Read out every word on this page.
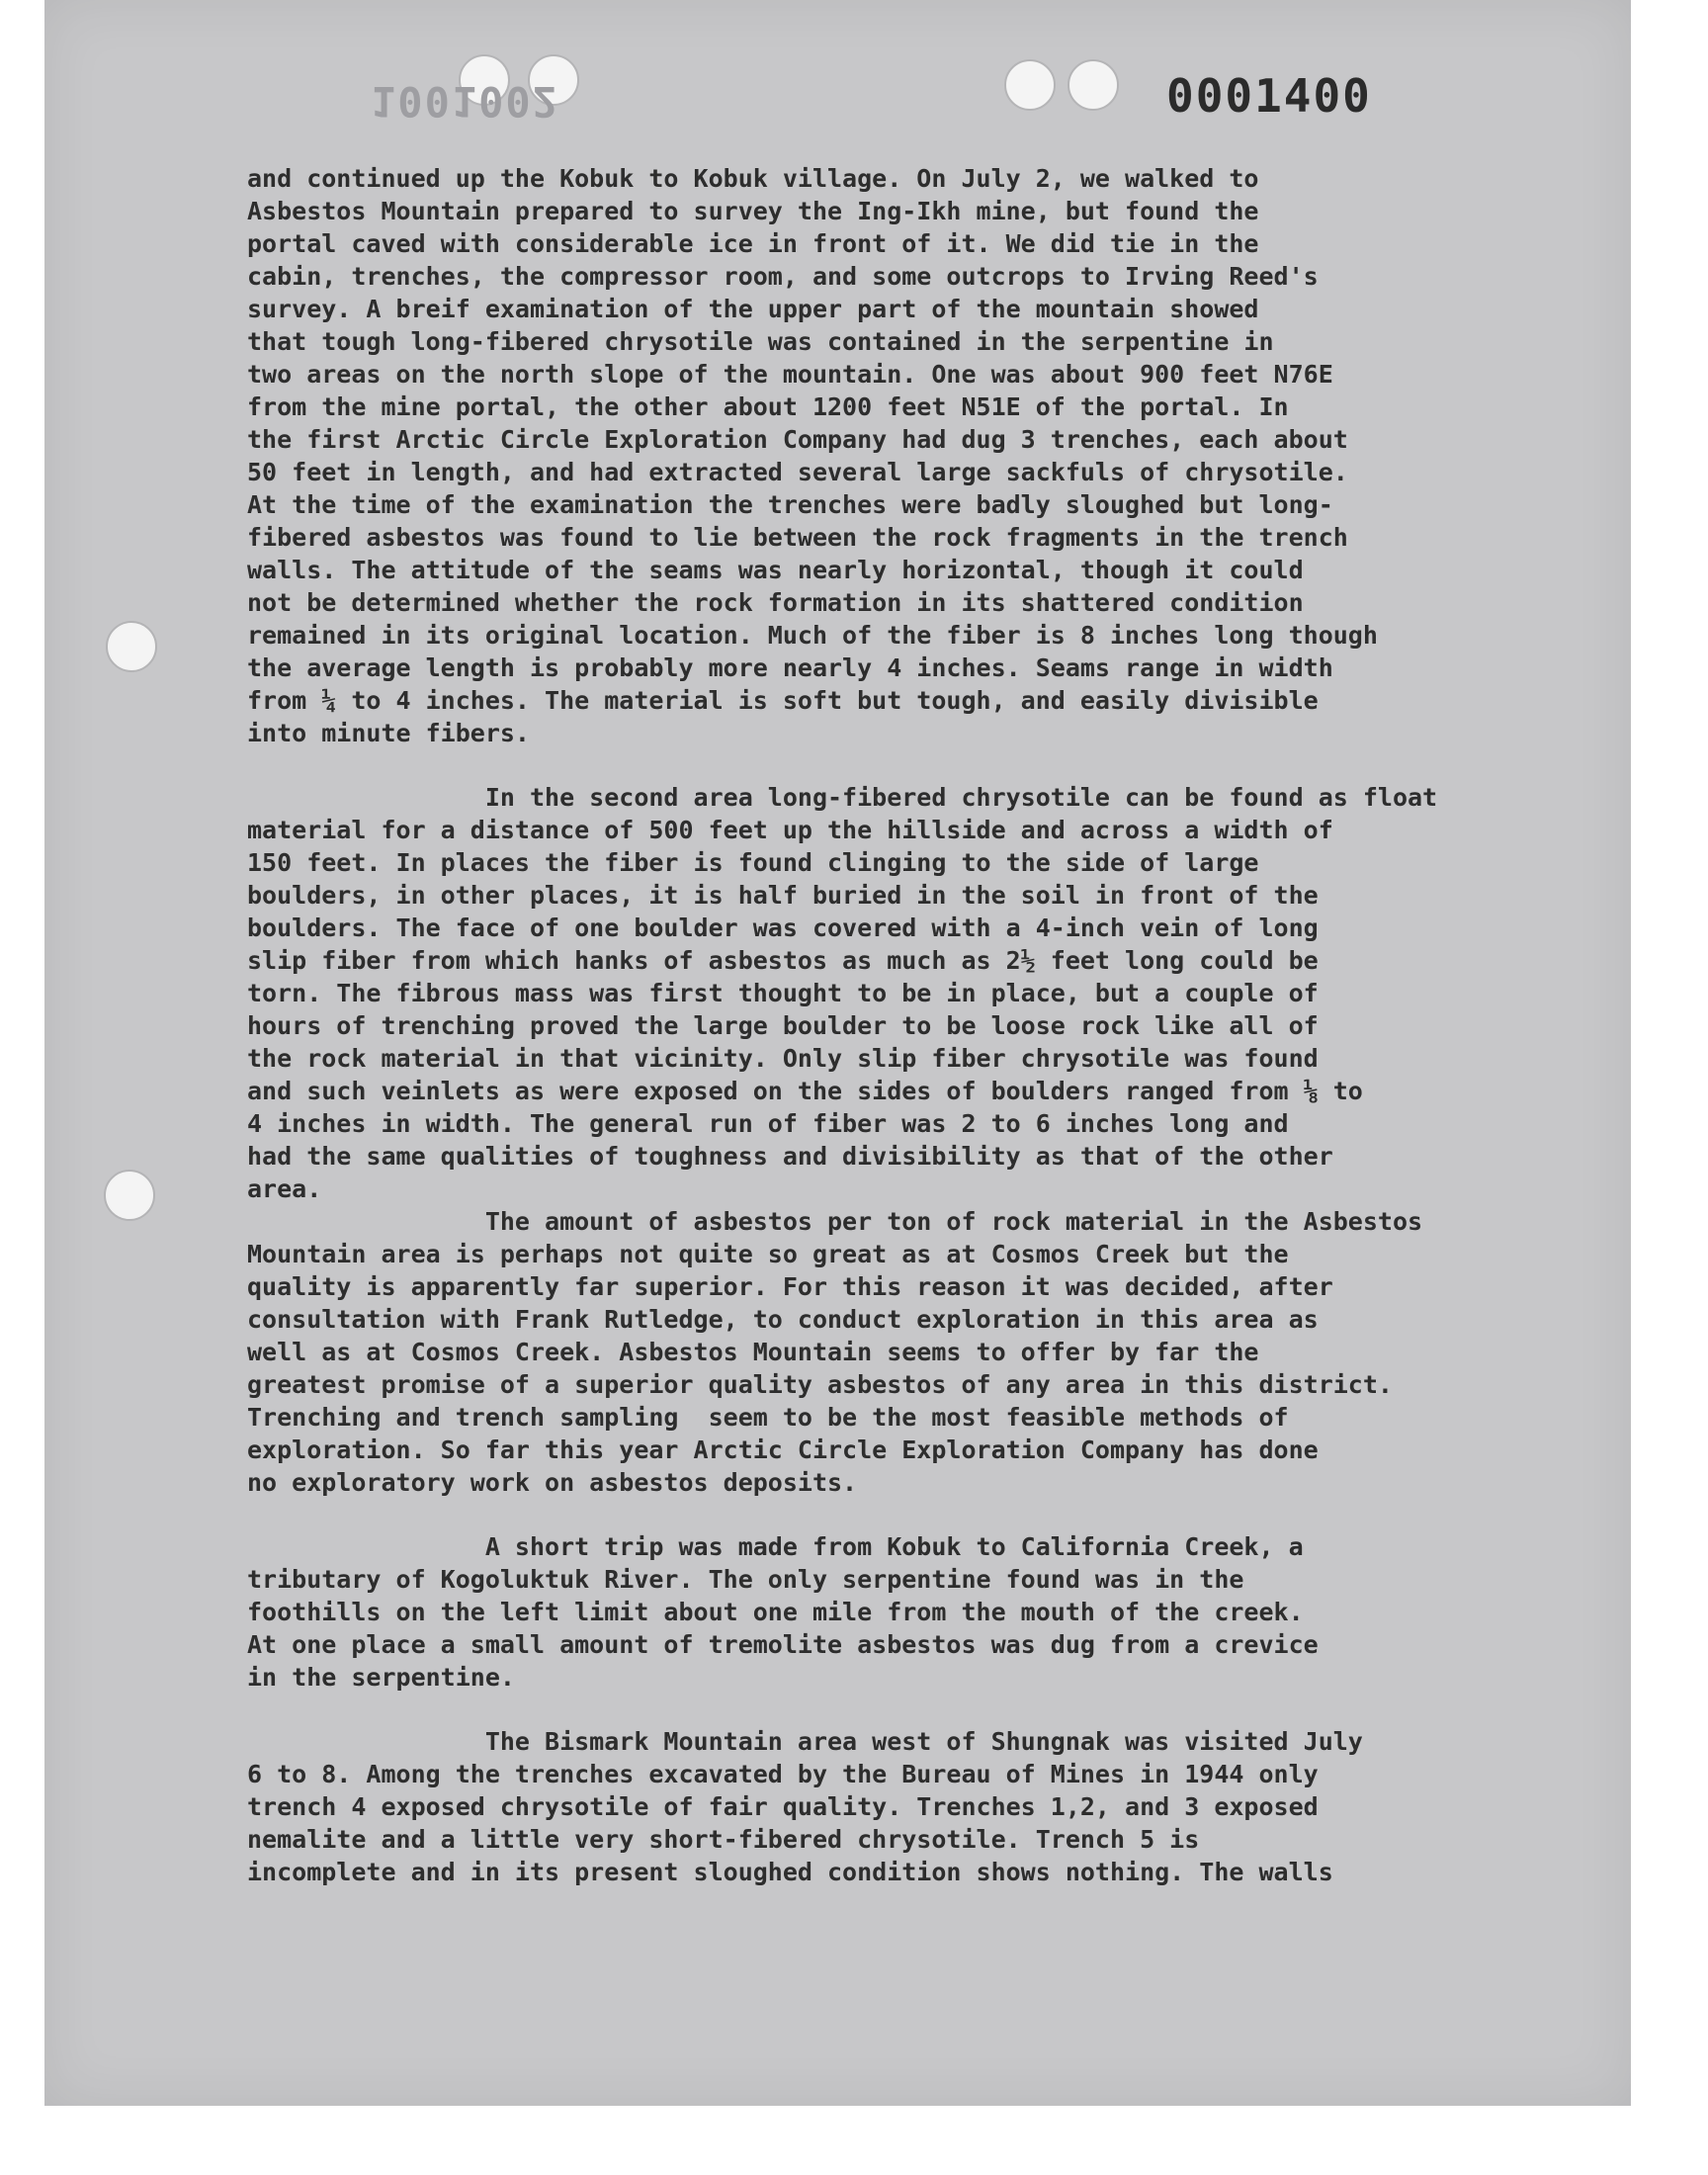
1001002	0001400
and continued up the Kobuk to Kobuk village. On July 2, we walked to
Asbestos Mountain prepared to survey the Ing-Ikh mine, but found the
portal caved with considerable ice in front of it. We did tie in the
cabin, trenches, the compressor room, and some outcrops to Irving Reed's
survey. A breif examination of the upper part of the mountain showed
that tough long-fibered chrysotile was contained in the serpentine in
two areas on the north slope of the mountain. One was about 900 feet N76E
from the mine portal, the other about 1200 feet N51E of the portal. In
the first Arctic Circle Exploration Company had dug 3 trenches, each about
50 feet in length, and had extracted several large sackfuls of chrysotile.
At the time of the examination the trenches were badly sloughed but long-
fibered asbestos was found to lie between the rock fragments in the trench
walls. The attitude of the seams was nearly horizontal, though it could
not be determined whether the rock formation in its shattered condition
remained in its original location. Much of the fiber is 8 inches long though
the average length is probably more nearly 4 inches. Seams range in width
from ¼ to 4 inches. The material is soft but tough, and easily divisible
into minute fibers.
In the second area long-fibered chrysotile can be found as float
material for a distance of 500 feet up the hillside and across a width of
150 feet. In places the fiber is found clinging to the side of large
boulders, in other places, it is half buried in the soil in front of the
boulders. The face of one boulder was covered with a 4-inch vein of long
slip fiber from which hanks of asbestos as much as 2½ feet long could be
torn. The fibrous mass was first thought to be in place, but a couple of
hours of trenching proved the large boulder to be loose rock like all of
the rock material in that vicinity. Only slip fiber chrysotile was found
and such veinlets as were exposed on the sides of boulders ranged from ⅛ to
4 inches in width. The general run of fiber was 2 to 6 inches long and
had the same qualities of toughness and divisibility as that of the other
area.
The amount of asbestos per ton of rock material in the Asbestos
Mountain area is perhaps not quite so great as at Cosmos Creek but the
quality is apparently far superior. For this reason it was decided, after
consultation with Frank Rutledge, to conduct exploration in this area as
well as at Cosmos Creek. Asbestos Mountain seems to offer by far the
greatest promise of a superior quality asbestos of any area in this district.
Trenching and trench sampling  seem to be the most feasible methods of
exploration. So far this year Arctic Circle Exploration Company has done
no exploratory work on asbestos deposits.
A short trip was made from Kobuk to California Creek, a
tributary of Kogoluktuk River. The only serpentine found was in the
foothills on the left limit about one mile from the mouth of the creek.
At one place a small amount of tremolite asbestos was dug from a crevice
in the serpentine.
The Bismark Mountain area west of Shungnak was visited July
6 to 8. Among the trenches excavated by the Bureau of Mines in 1944 only
trench 4 exposed chrysotile of fair quality. Trenches 1,2, and 3 exposed
nemalite and a little very short-fibered chrysotile. Trench 5 is
incomplete and in its present sloughed condition shows nothing. The walls
